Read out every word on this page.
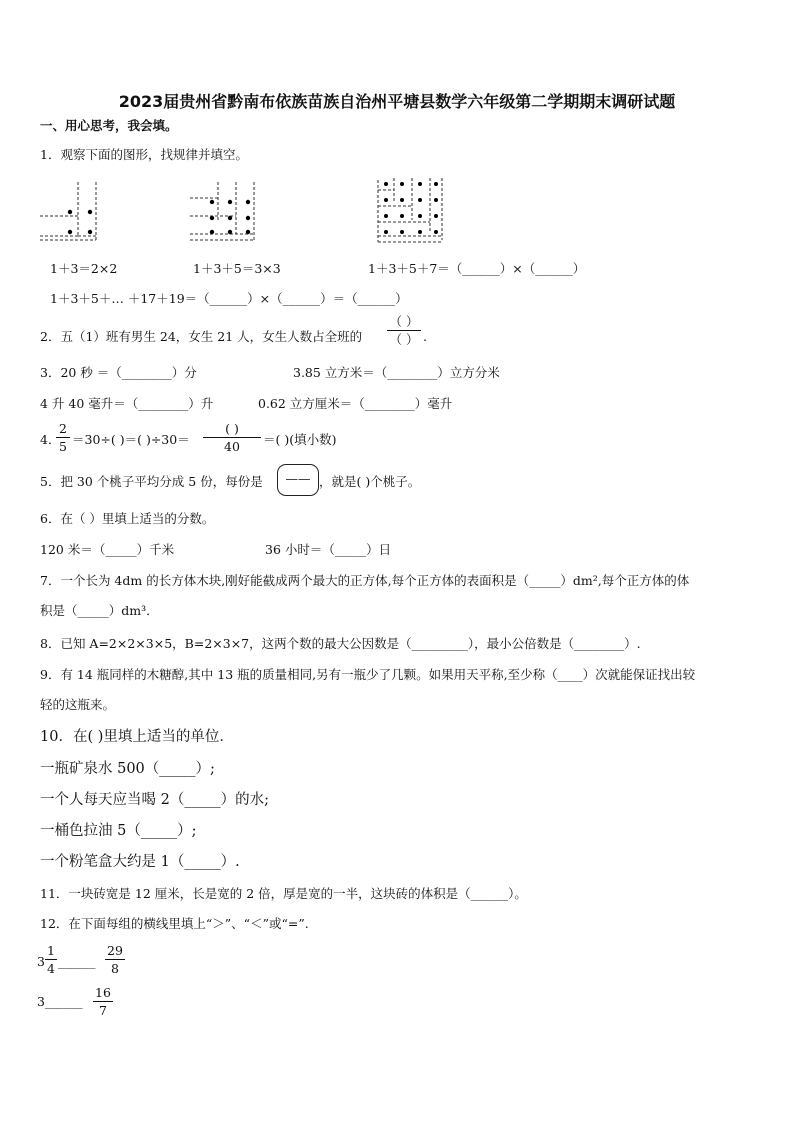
2023届贵州省黔南布依族苗族自治州平塘县数学六年级第二学期期末调研试题
一、用心思考，我会填。
1．观察下面的图形，找规律并填空。
1＋3＝2×2	1＋3＋5＝3×3	1＋3＋5＋7＝（______）×（______）
1＋3＋5＋… ＋17＋19＝（______）×（______）＝（______）
2．五（1）班有男生 24，女生 21 人，女生人数占全班的
（ ）
（ ） .
3．20 秒 ＝（________）分	3.85 立方米＝（________）立方分米
4 升 40 毫升＝（________）升	0.62 立方厘米＝（________）毫升
4．
2
5 ＝30÷( )＝( )÷30＝
( )
40	＝( )(填小数)
5．把 30 个桃子平均分成 5 份，每份是	—— ，就是( )个桃子。
6．在（ ）里填上适当的分数。
120 米＝（_____）千米	36 小时＝（_____）日
7．一个长为 4dm 的长方体木块,刚好能截成两个最大的正方体,每个正方体的表面积是（_____）dm²,每个正方体的体
积是（_____）dm³．
8．已知 A=2×2×3×5，B=2×3×7，这两个数的最大公因数是（_________），最小公倍数是（________）.
9．有 14 瓶同样的木糖醇,其中 13 瓶的质量相同,另有一瓶少了几颗。如果用天平称,至少称（____）次就能保证找出较
轻的这瓶来。
10．在( )里填上适当的单位．
一瓶矿泉水 500（_____）;
一个人每天应当喝 2（_____）的水;
一桶色拉油 5（_____）;
一个粉笔盒大约是 1（_____）.
11．一块砖宽是 12 厘米，长是宽的 2 倍，厚是宽的一半，这块砖的体积是（______）。
12．在下面每组的横线里填上“＞”、“＜”或“=”.
3
1
4 ______
29
8
3 ______
16
7
